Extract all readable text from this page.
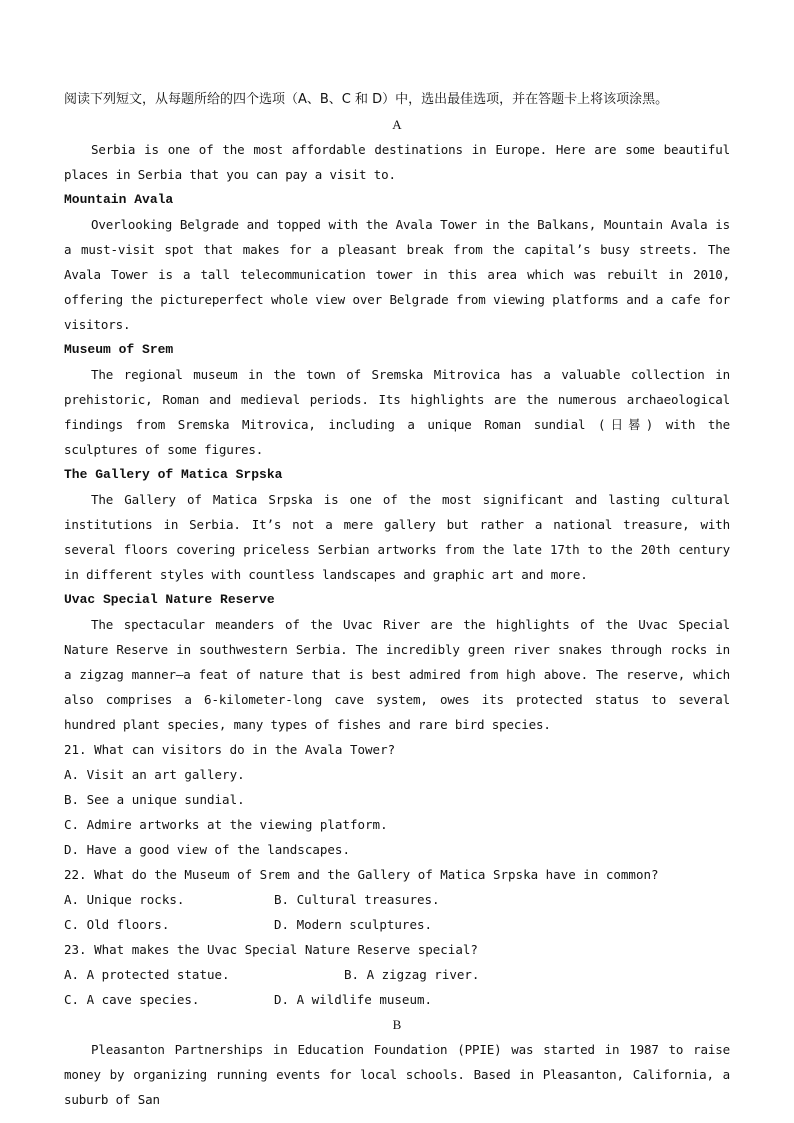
阅读下列短文，从每题所给的四个选项（A、B、C 和 D）中，选出最佳选项，并在答题卡上将该项涂黑。
A
Serbia is one of the most affordable destinations in Europe. Here are some beautiful places in Serbia that you can pay a visit to.
Mountain Avala
Overlooking Belgrade and topped with the Avala Tower in the Balkans, Mountain Avala is a must-visit spot that makes for a pleasant break from the capital’s busy streets. The Avala Tower is a tall telecommunication tower in this area which was rebuilt in 2010, offering the pictureperfect whole view over Belgrade from viewing platforms and a cafe for visitors.
Museum of Srem
The regional museum in the town of Sremska Mitrovica has a valuable collection in prehistoric, Roman and medieval periods. Its highlights are the numerous archaeological findings from Sremska Mitrovica, including a unique Roman sundial (日晷) with the sculptures of some figures.
The Gallery of Matica Srpska
The Gallery of Matica Srpska is one of the most significant and lasting cultural institutions in Serbia. It’s not a mere gallery but rather a national treasure, with several floors covering priceless Serbian artworks from the late 17th to the 20th century in different styles with countless landscapes and graphic art and more.
Uvac Special Nature Reserve
The spectacular meanders of the Uvac River are the highlights of the Uvac Special Nature Reserve in southwestern Serbia. The incredibly green river snakes through rocks in a zigzag manner—a feat of nature that is best admired from high above. The reserve, which also comprises a 6-kilometer-long cave system, owes its protected status to several hundred plant species, many types of fishes and rare bird species.
21. What can visitors do in the Avala Tower?
A. Visit an art gallery.
B. See a unique sundial.
C. Admire artworks at the viewing platform.
D. Have a good view of the landscapes.
22. What do the Museum of Srem and the Gallery of Matica Srpska have in common?
A. Unique rocks.	B. Cultural treasures.
C. Old floors.	D. Modern sculptures.
23. What makes the Uvac Special Nature Reserve special?
A. A protected statue.	B. A zigzag river.
C. A cave species.	D. A wildlife museum.
B
Pleasanton Partnerships in Education Foundation (PPIE) was started in 1987 to raise money by organizing running events for local schools. Based in Pleasanton, California, a suburb of San
